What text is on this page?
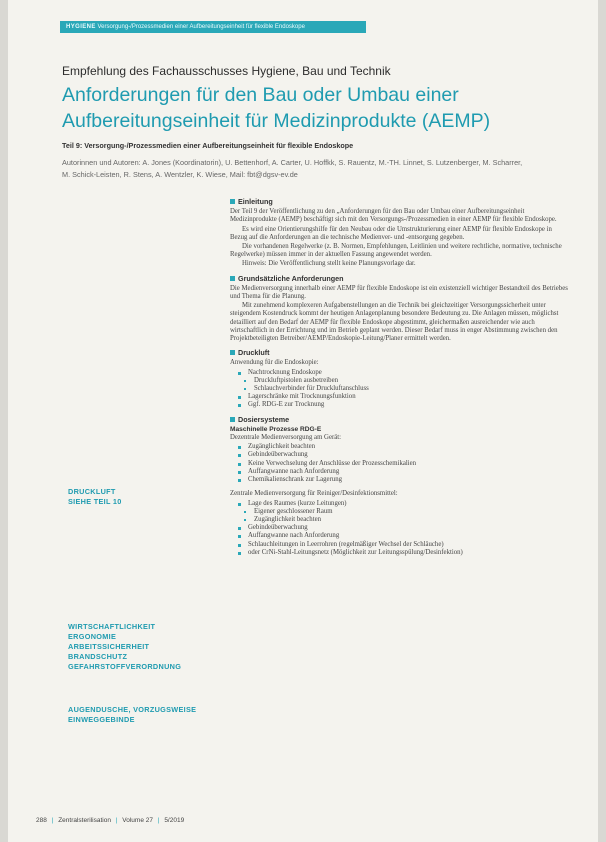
HYGIENE Versorgung-/Prozessmedien einer Aufbereitungseinheit für flexible Endoskope
Empfehlung des Fachausschusses Hygiene, Bau und Technik
Anforderungen für den Bau oder Umbau einer Aufbereitungseinheit für Medizinprodukte (AEMP)
Teil 9: Versorgung-/Prozessmedien einer Aufbereitungseinheit für flexible Endoskope
Autorinnen und Autoren: A. Jones (Koordinatorin), U. Bettenhorf, A. Carter, U. Hoffkk, S. Rauentz, M.-TH. Linnet, S. Lutzenberger, M. Scharrer, M. Schick-Leisten, R. Stens, A. Wentzler, K. Wiese, Mail: fbt@dgsv-ev.de
DRUCKLUFT
SIEHE TEIL 10
WIRTSCHAFTLICHKEIT
ERGONOMIE
ARBEITSSICHERHEIT
BRANDSCHUTZ
GEFAHRSTOFFVERORDNUNG
AUGENDUSCHE, VORZUGSWEISE
EINWEGGEBINDE
Einleitung

Der Teil 9 der Veröffentlichung zu den „Anforderungen für den Bau oder Umbau einer Aufbereitungseinheit Medizinprodukte (AEMP) beschäftigt sich mit den Versorgungs-/Prozessmedien in einer AEMP für flexible Endoskope.

Es wird eine Orientierungshilfe für den Neubau oder die Umstrukturierung einer AEMP für flexible Endoskope in Bezug auf die Anforderungen an die technische Medienver- und -entsorgung gegeben.

Die vorhandenen Regelwerke (z. B. Normen, Empfehlungen, Leitlinien und weitere rechtliche, normative, technische Regelwerke) müssen immer in der aktuellen Fassung angewendet werden.

Hinweis: Die Veröffentlichung stellt keine Planungsvorlage dar.

Grundsätzliche Anforderungen

Die Medienversorgung innerhalb einer AEMP für flexible Endoskope ist ein existenziell wichtiger Bestandteil des Betriebes und Thema für die Planung.

Mit zunehmend komplexeren Aufgabenstellungen an die Technik bei gleichzeitiger Versorgungssicherheit unter steigendem Kostendruck kommt der heutigen Anlagenplanung besondere Bedeutung zu. Die Anlagen müssen, möglichst detailliert auf den Bedarf der AEMP für flexible Endoskope abgestimmt, gleichermaßen ausreichender wie auch wirtschaftlich in der Errichtung und im Betrieb geplant werden. Dieser Bedarf muss in enger Abstimmung zwischen den Projektbeteiligten Betreiber/AEMP/Endoskopie-Leitung/Planer ermittelt werden.

Druckluft

Anwendung für die Endoskopie:

Nachtrocknung Endoskope
Druckluftpistolen ausbetreiben
Schlauchverbinder für Druckluftanschluss
Lagerschränke mit Trocknungsfunktion
Ggf. RDG-E zur Trocknung
Dosiersysteme
Maschinelle Prozesse RDG-E

Dezentrale Medienversorgung am Gerät:

Zugänglichkeit beachten
Gebindeüberwachung
Keine Verwechselung der Anschlüsse der Prozesschemikalien
Auffangwanne nach Anforderung
Chemikalienschrank zur Lagerung

Zentrale Medienversorgung für Reiniger/Desinfektionsmittel:

Lage des Raumes (kurze Leitungen)
Eigener geschlossener Raum
Zugänglichkeit beachten
Gebindeüberwachung
Auffangwanne nach Anforderung
Schlauchleitungen in Leerrohren (regelmäßiger Wechsel der Schläuche)
oder CrNi-Stahl-Leitungsnetz (Möglichkeit zur Leitungsspülung/Desinfektion)
288 | Zentralsterilisation | Volume 27 | 5/2019
